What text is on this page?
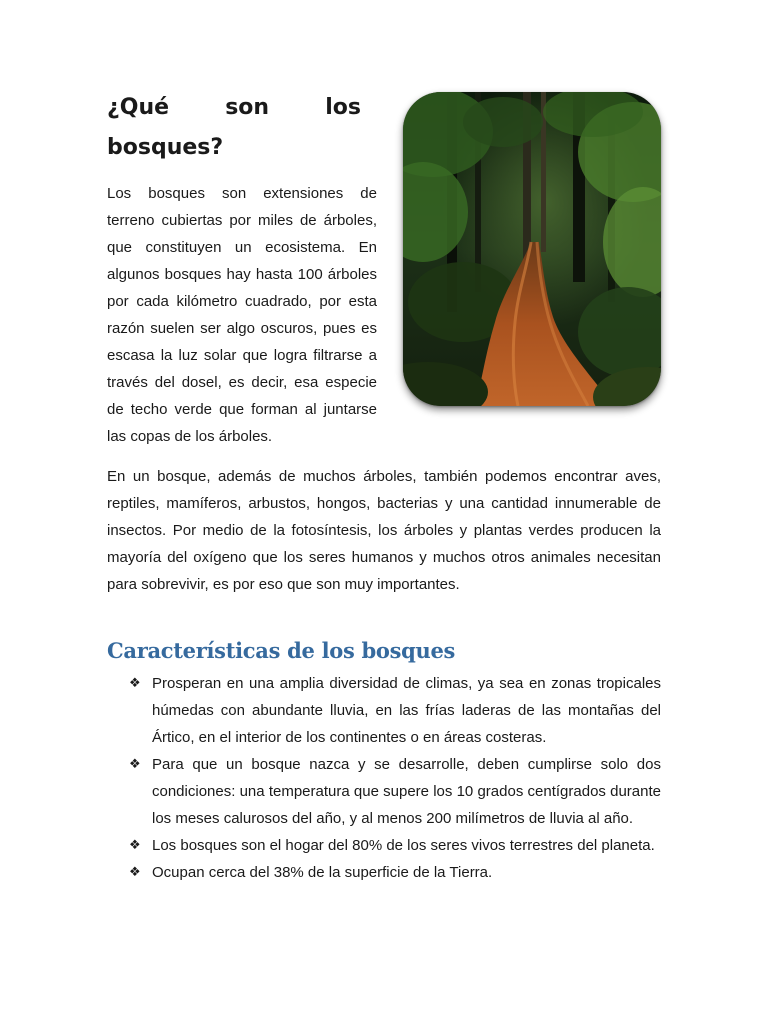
¿Qué son los bosques?

Los bosques son extensiones de terreno cubiertas por miles de árboles, que constituyen un ecosistema. En algunos bosques hay hasta 100 árboles por cada kilómetro cuadrado, por esta razón suelen ser algo oscuros, pues es escasa la luz solar que logra filtrarse a través del dosel, es decir, esa especie de techo verde que forman al juntarse las copas de los árboles.

En un bosque, además de muchos árboles, también podemos encontrar aves, reptiles, mamíferos, arbustos, hongos, bacterias y una cantidad innumerable de insectos. Por medio de la fotosíntesis, los árboles y plantas verdes producen la mayoría del oxígeno que los seres humanos y muchos otros animales necesitan para sobrevivir, es por eso que son muy importantes.

Características de los bosques
❖ Prosperan en una amplia diversidad de climas, ya sea en zonas tropicales húmedas con abundante lluvia, en las frías laderas de las montañas del Ártico, en el interior de los continentes o en áreas costeras.
❖ Para que un bosque nazca y se desarrolle, deben cumplirse solo dos condiciones: una temperatura que supere los 10 grados centígrados durante los meses calurosos del año, y al menos 200 milímetros de lluvia al año.
❖ Los bosques son el hogar del 80% de los seres vivos terrestres del planeta.
❖ Ocupan cerca del 38% de la superficie de la Tierra.
